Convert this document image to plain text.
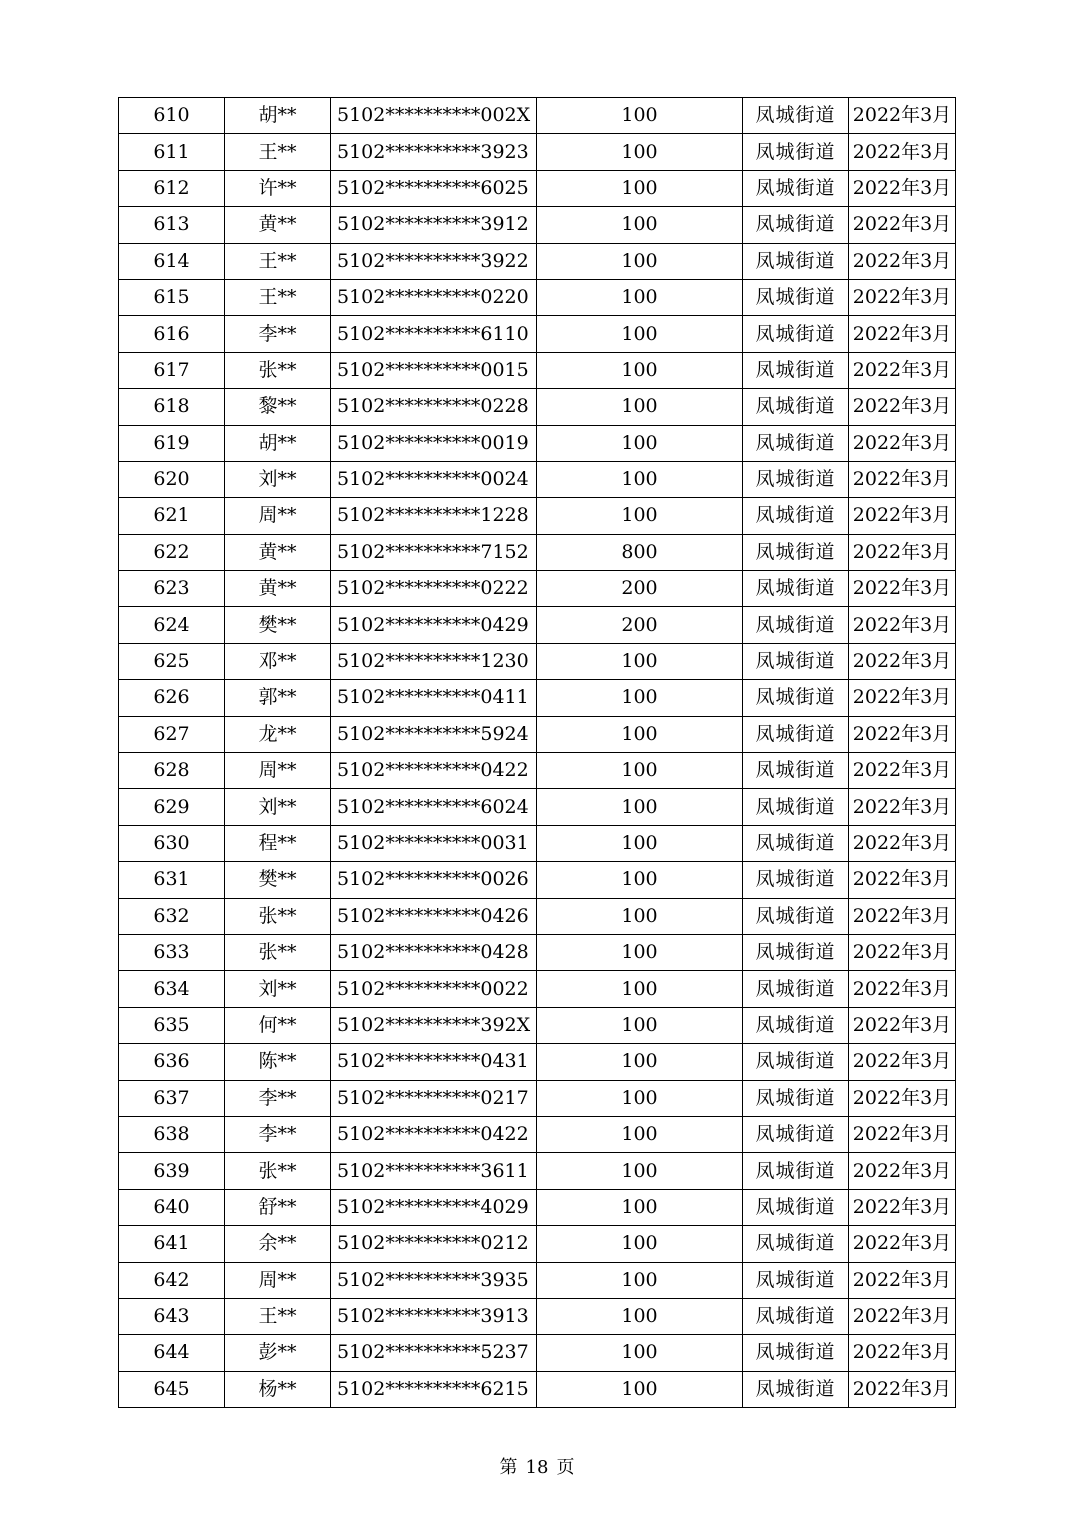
610	胡**	5102**********002X	100	凤城街道	2022年3月
611	王**	5102**********3923	100	凤城街道	2022年3月
612	许**	5102**********6025	100	凤城街道	2022年3月
613	黄**	5102**********3912	100	凤城街道	2022年3月
614	王**	5102**********3922	100	凤城街道	2022年3月
615	王**	5102**********0220	100	凤城街道	2022年3月
616	李**	5102**********6110	100	凤城街道	2022年3月
617	张**	5102**********0015	100	凤城街道	2022年3月
618	黎**	5102**********0228	100	凤城街道	2022年3月
619	胡**	5102**********0019	100	凤城街道	2022年3月
620	刘**	5102**********0024	100	凤城街道	2022年3月
621	周**	5102**********1228	100	凤城街道	2022年3月
622	黄**	5102**********7152	800	凤城街道	2022年3月
623	黄**	5102**********0222	200	凤城街道	2022年3月
624	樊**	5102**********0429	200	凤城街道	2022年3月
625	邓**	5102**********1230	100	凤城街道	2022年3月
626	郭**	5102**********0411	100	凤城街道	2022年3月
627	龙**	5102**********5924	100	凤城街道	2022年3月
628	周**	5102**********0422	100	凤城街道	2022年3月
629	刘**	5102**********6024	100	凤城街道	2022年3月
630	程**	5102**********0031	100	凤城街道	2022年3月
631	樊**	5102**********0026	100	凤城街道	2022年3月
632	张**	5102**********0426	100	凤城街道	2022年3月
633	张**	5102**********0428	100	凤城街道	2022年3月
634	刘**	5102**********0022	100	凤城街道	2022年3月
635	何**	5102**********392X	100	凤城街道	2022年3月
636	陈**	5102**********0431	100	凤城街道	2022年3月
637	李**	5102**********0217	100	凤城街道	2022年3月
638	李**	5102**********0422	100	凤城街道	2022年3月
639	张**	5102**********3611	100	凤城街道	2022年3月
640	舒**	5102**********4029	100	凤城街道	2022年3月
641	余**	5102**********0212	100	凤城街道	2022年3月
642	周**	5102**********3935	100	凤城街道	2022年3月
643	王**	5102**********3913	100	凤城街道	2022年3月
644	彭**	5102**********5237	100	凤城街道	2022年3月
645	杨**	5102**********6215	100	凤城街道	2022年3月
第 18 页
